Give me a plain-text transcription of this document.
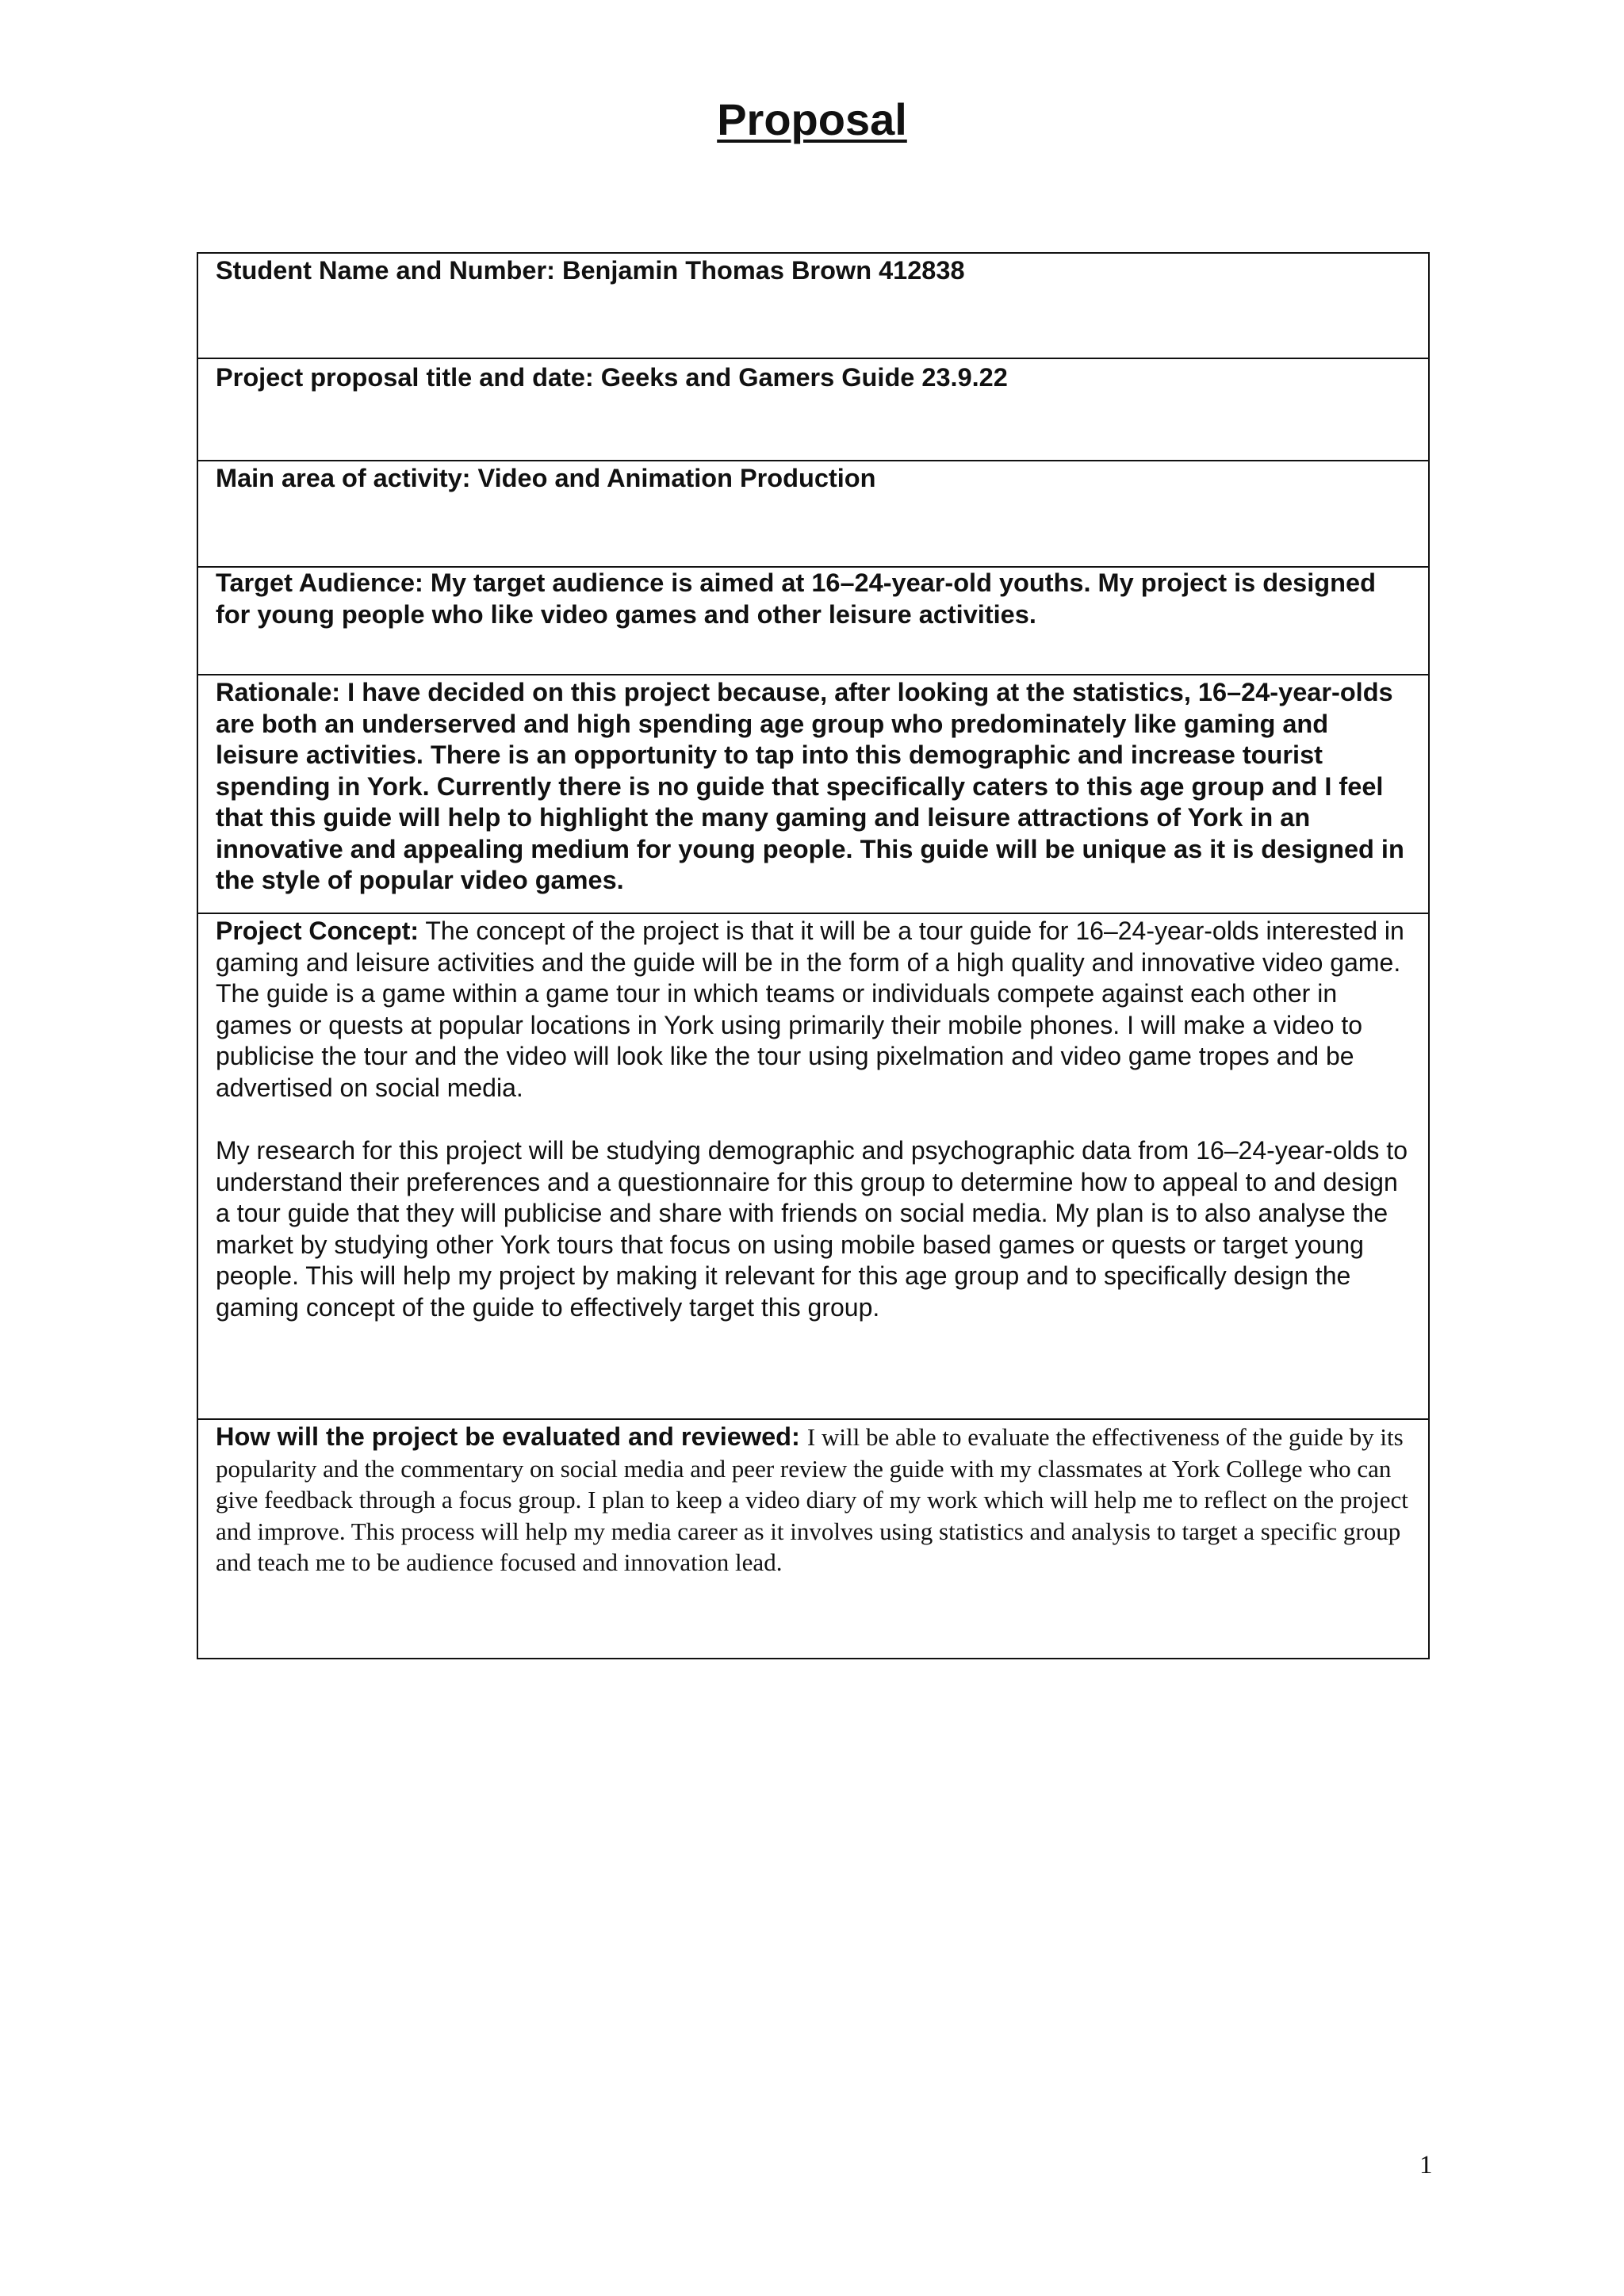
Proposal
Student Name and Number: Benjamin Thomas Brown 412838
Project proposal title and date: Geeks and Gamers Guide 23.9.22
Main area of activity: Video and Animation Production
Target Audience: My target audience is aimed at 16–24-year-old youths. My project is designed for young people who like video games and other leisure activities.
Rationale: I have decided on this project because, after looking at the statistics, 16–24-year-olds are both an underserved and high spending age group who predominately like gaming and leisure activities. There is an opportunity to tap into this demographic and increase tourist spending in York. Currently there is no guide that specifically caters to this age group and I feel that this guide will help to highlight the many gaming and leisure attractions of York in an innovative and appealing medium for young people. This guide will be unique as it is designed in the style of popular video games.

Project Concept: The concept of the project is that it will be a tour guide for 16–24-year-olds interested in gaming and leisure activities and the guide will be in the form of a high quality and innovative video game. The guide is a game within a game tour in which teams or individuals compete against each other in games or quests at popular locations in York using primarily their mobile phones. I will make a video to publicise the tour and the video will look like the tour using pixelmation and video game tropes and be advertised on social media.

My research for this project will be studying demographic and psychographic data from 16–24-year-olds to understand their preferences and a questionnaire for this group to determine how to appeal to and design a tour guide that they will publicise and share with friends on social media. My plan is to also analyse the market by studying other York tours that focus on using mobile based games or quests or target young people. This will help my project by making it relevant for this age group and to specifically design the gaming concept of the guide to effectively target this group.

How will the project be evaluated and reviewed: I will be able to evaluate the effectiveness of the guide by its popularity and the commentary on social media and peer review the guide with my classmates at York College who can give feedback through a focus group. I plan to keep a video diary of my work which will help me to reflect on the project and improve. This process will help my media career as it involves using statistics and analysis to target a specific group and teach me to be audience focused and innovation lead.
1
